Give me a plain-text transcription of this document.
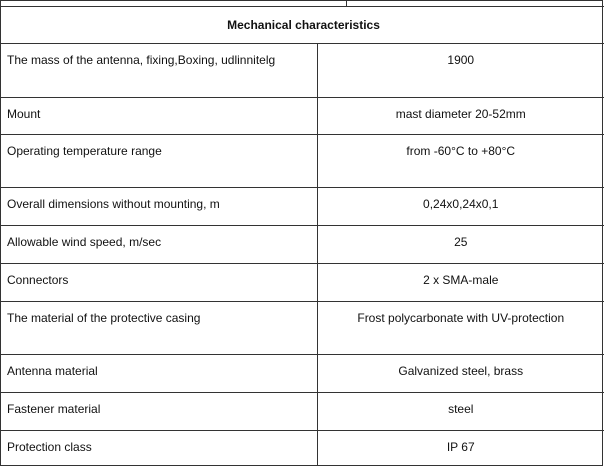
Mechanical characteristics
The mass of the antenna, fixing,Boxing, udlinnitelg	1900
Mount	mast diameter 20-52mm
Operating temperature range	from -60°C to +80°C
Overall dimensions without mounting, m	0,24x0,24x0,1
Allowable wind speed, m/sec	25
Connectors	2 x SMA-male
The material of the protective casing	Frost polycarbonate with UV-protection
Antenna material	Galvanized steel, brass
Fastener material	steel
Protection class	IP 67
